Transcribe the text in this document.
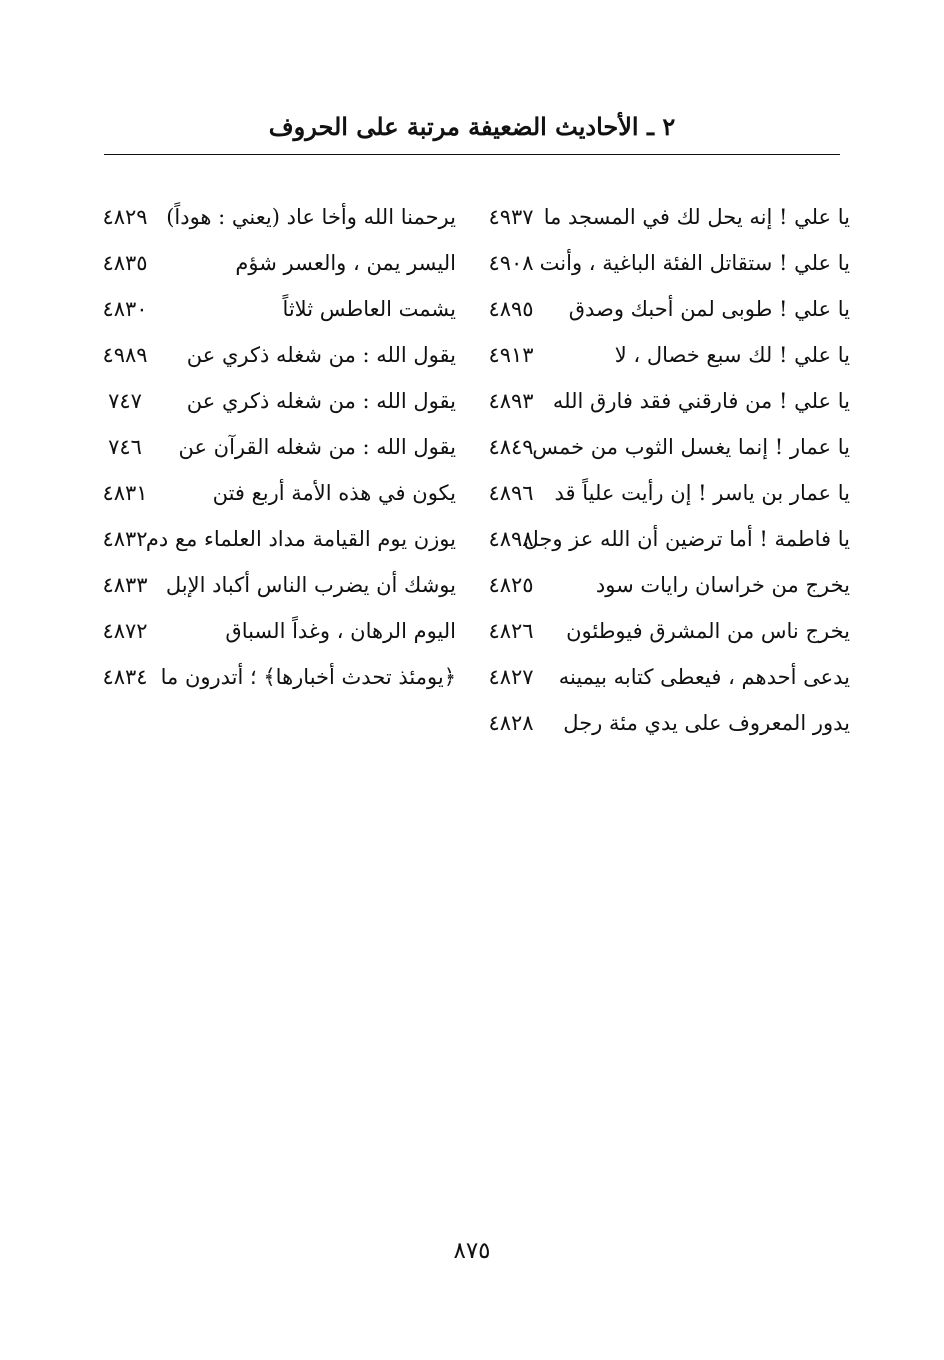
٢ ـ الأحاديث الضعيفة مرتبة على الحروف
يا علي ! إنه يحل لك في المسجد ما
٤٩٣٧
يرحمنا الله وأخا عاد (يعني : هوداً)
٤٨٢٩
يا علي ! ستقاتل الفئة الباغية ، وأنت
٤٩٠٨
اليسر يمن ، والعسر شؤم
٤٨٣٥
يا علي ! طوبى لمن أحبك وصدق
٤٨٩٥
يشمت العاطس ثلاثاً
٤٨٣٠
يا علي ! لك سبع خصال ، لا
٤٩١٣
يقول الله : من شغله ذكري عن
٤٩٨٩
يا علي ! من فارقني فقد فارق الله
٤٨٩٣
يقول الله : من شغله ذكري عن
٧٤٧
يا عمار ! إنما يغسل الثوب من خمس
٤٨٤٩
يقول الله : من شغله القرآن عن
٧٤٦
يا عمار بن ياسر ! إن رأيت علياً قد
٤٨٩٦
يكون في هذه الأمة أربع فتن
٤٨٣١
يا فاطمة ! أما ترضين أن الله عز وجل
٤٨٩٨
يوزن يوم القيامة مداد العلماء مع دم
٤٨٣٢
يخرج من خراسان رايات سود
٤٨٢٥
يوشك أن يضرب الناس أكباد الإبل
٤٨٣٣
يخرج ناس من المشرق فيوطئون
٤٨٢٦
اليوم الرهان ، وغداً السباق
٤٨٧٢
يدعى أحدهم ، فيعطى كتابه بيمينه
٤٨٢٧
﴿يومئذ تحدث أخبارها﴾ ؛ أتدرون ما
٤٨٣٤
يدور المعروف على يدي مئة رجل
٤٨٢٨
٨٧٥
